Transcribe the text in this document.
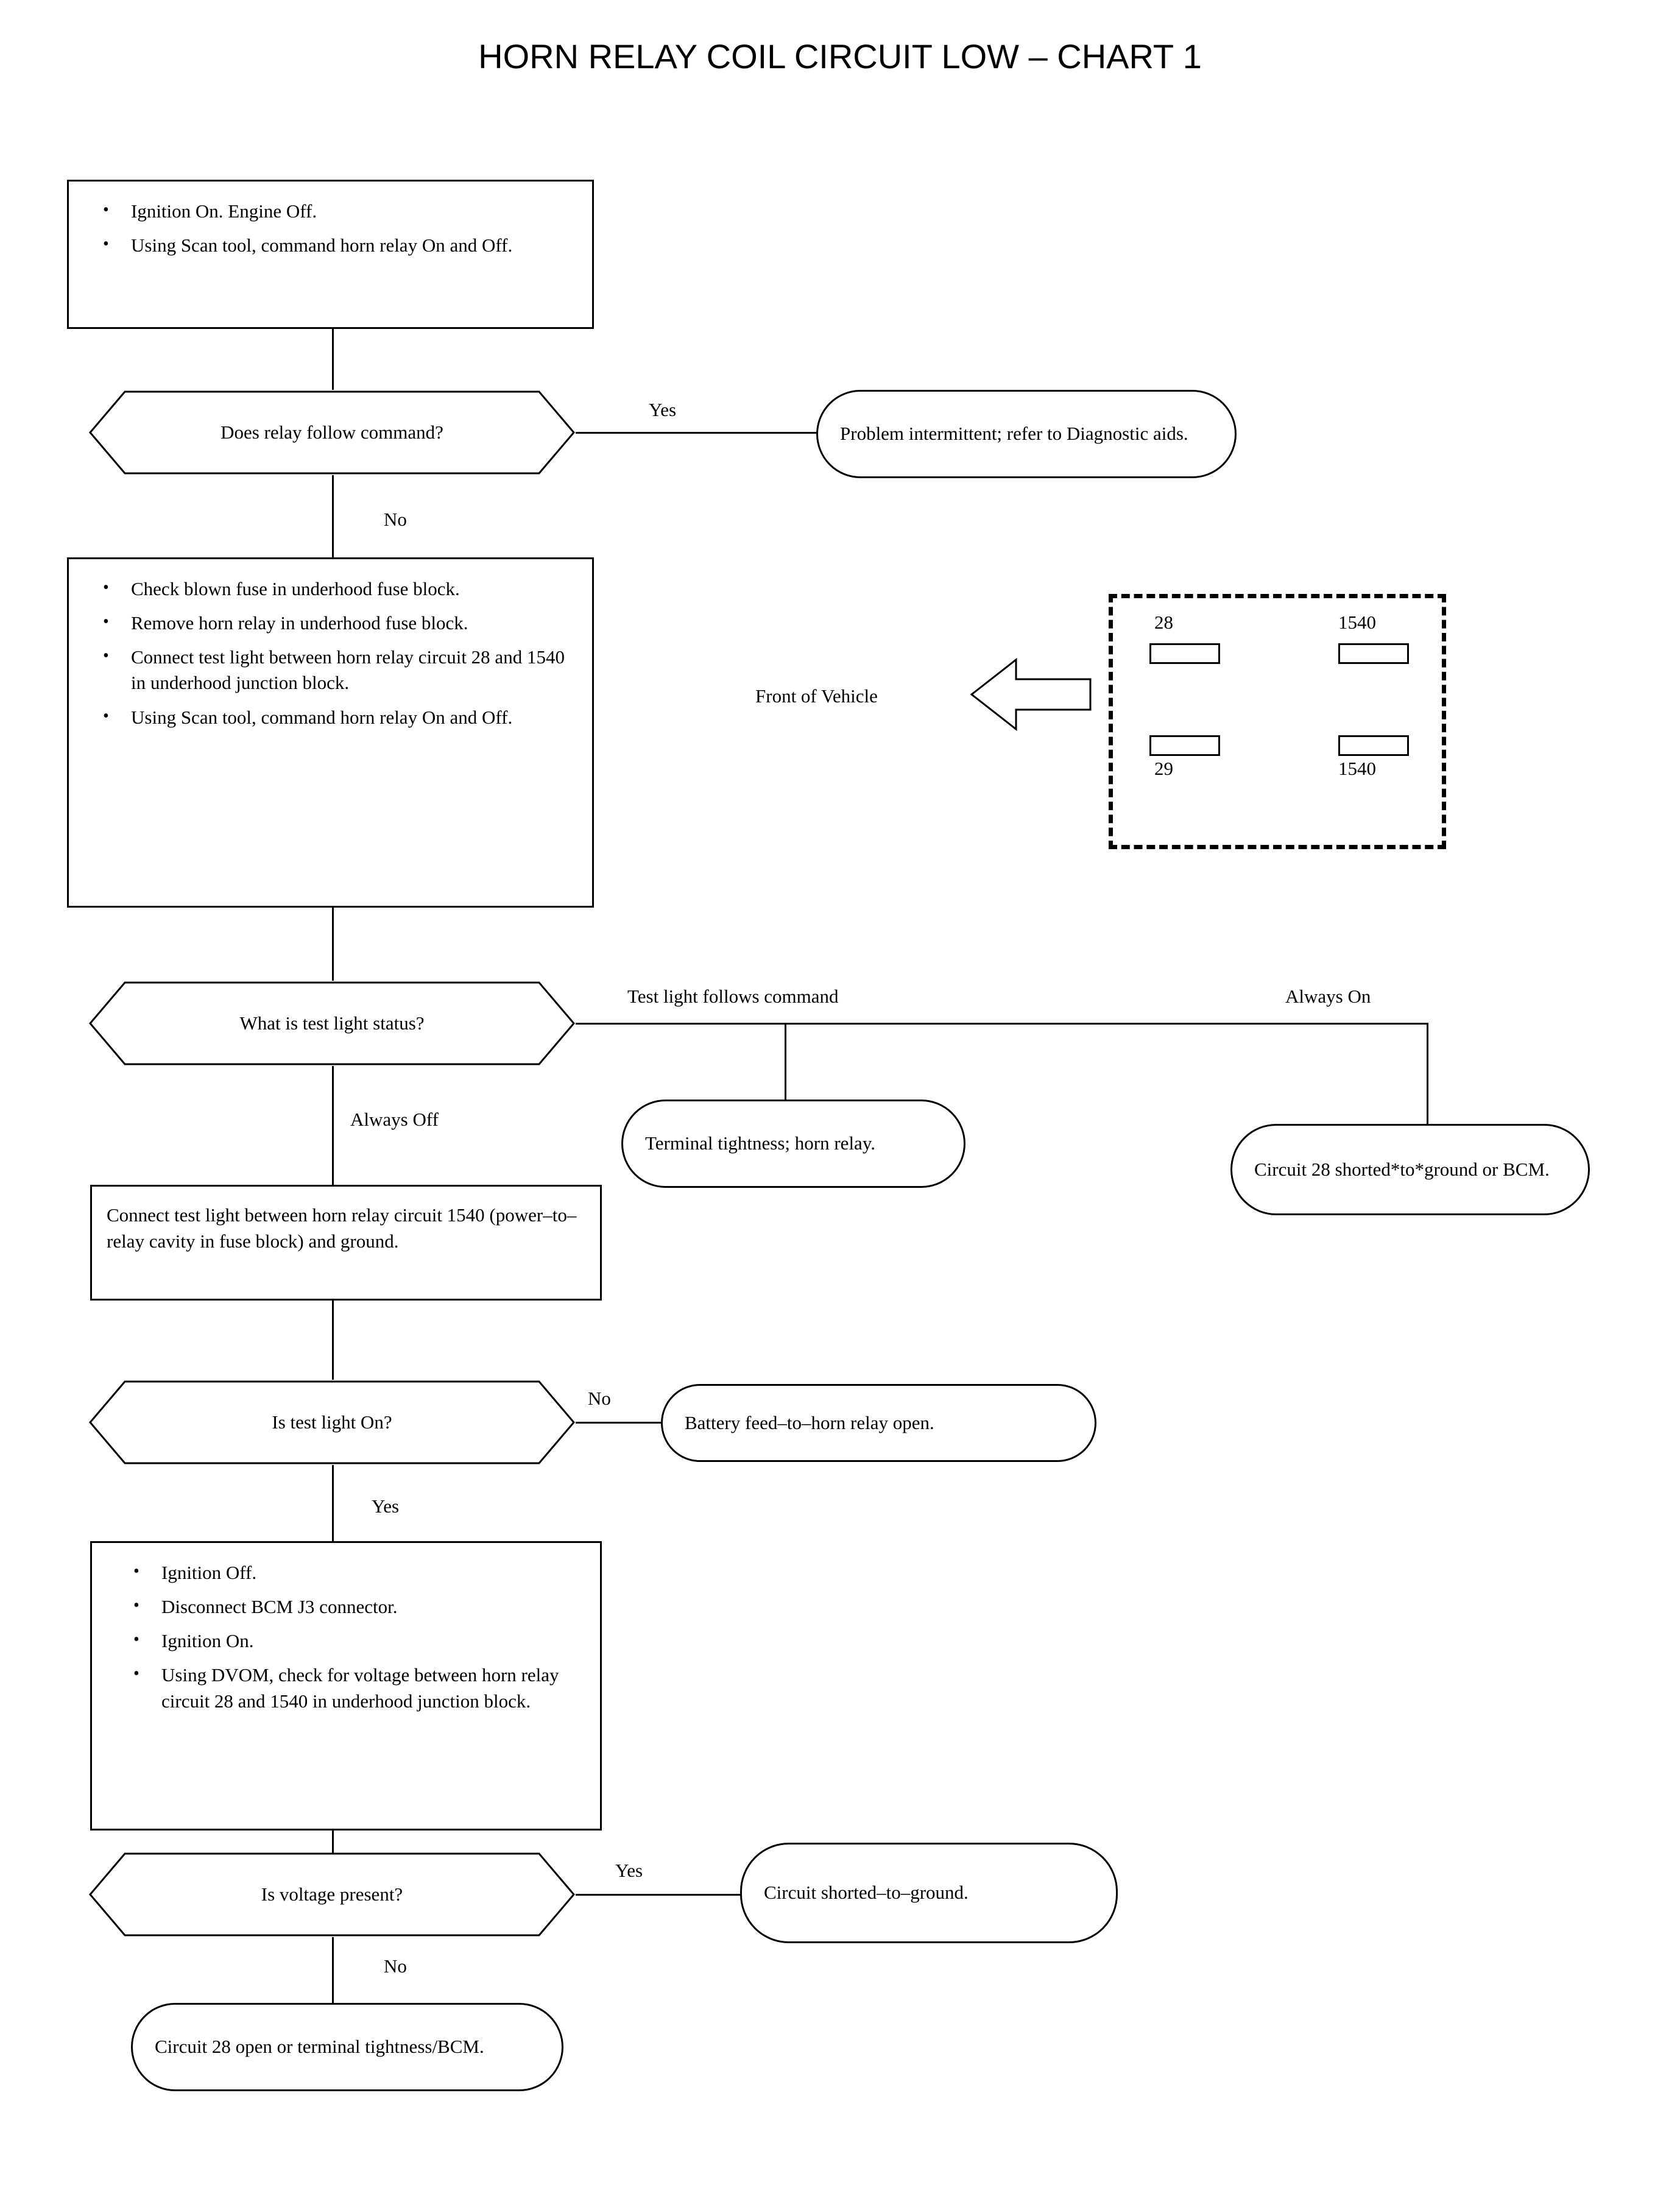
HORN RELAY COIL CIRCUIT LOW – CHART 1
• Ignition On. Engine Off.
• Using Scan tool, command horn relay On and Off.
Does relay follow command?
Yes
Problem intermittent; refer to Diagnostic aids.
No
• Check blown fuse in underhood fuse block.
• Remove horn relay in underhood fuse block.
• Connect test light between horn relay circuit 28 and 1540 in underhood junction block.
• Using Scan tool, command horn relay On and Off.
28	1540
29	1540
Front of Vehicle
What is test light status?
Test light follows command	Always On
Terminal tightness; horn relay.
Circuit 28 shorted*to*ground or BCM.
Always Off
Connect test light between horn relay circuit 1540 (power–to–relay cavity in fuse block) and ground.
Is test light On?
No
Battery feed–to–horn relay open.
Yes
• Ignition Off.
• Disconnect BCM J3 connector.
• Ignition On.
• Using DVOM, check for voltage between horn relay circuit 28 and 1540 in underhood junction block.
Is voltage present?
Yes
Circuit shorted–to–ground.
No
Circuit 28 open or terminal tightness/BCM.
